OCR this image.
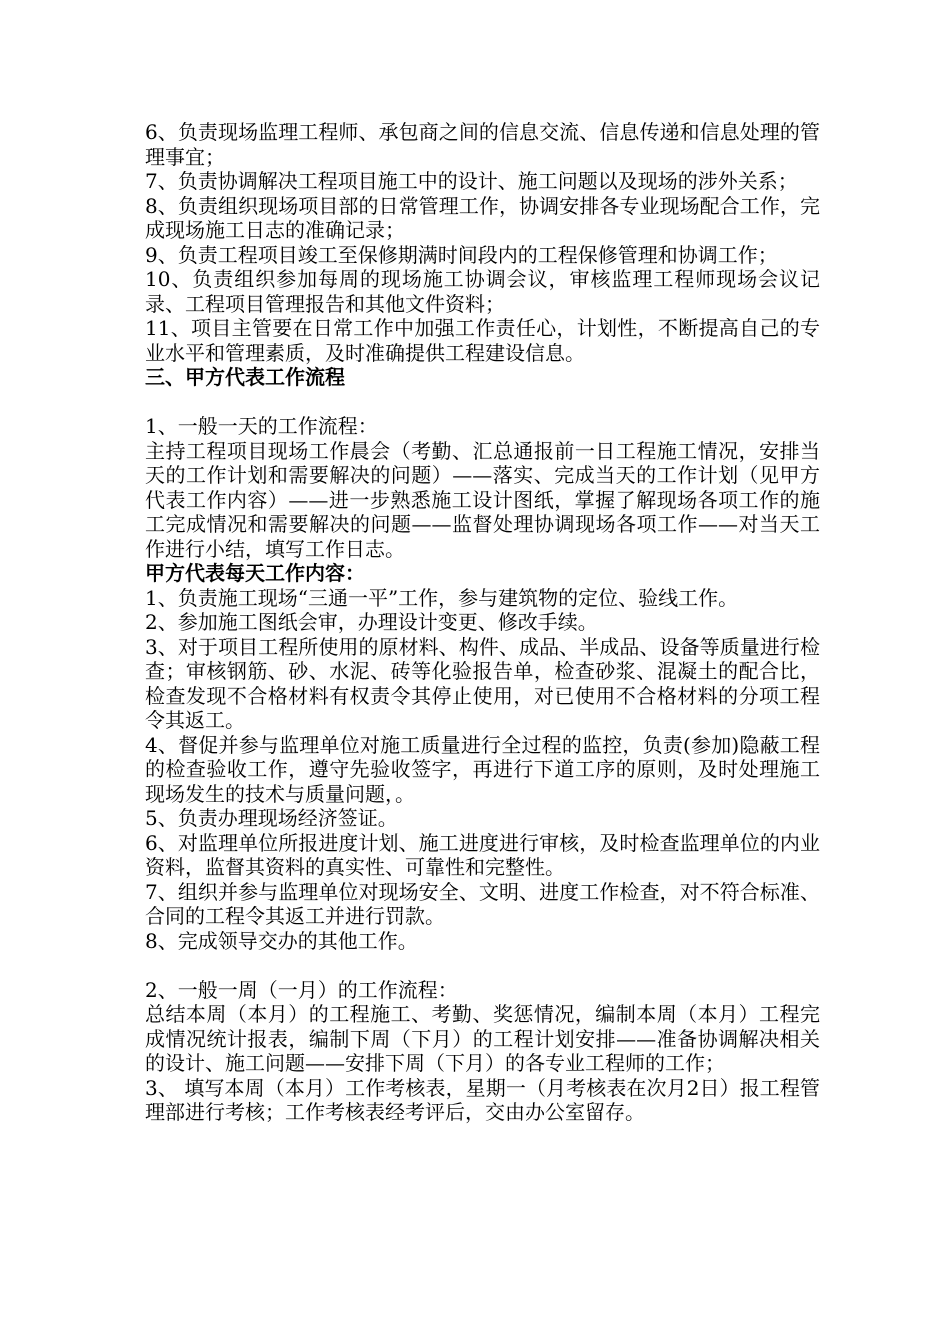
6、负责现场监理工程师、承包商之间的信息交流、信息传递和信息处理的管理事宜；

7、负责协调解决工程项目施工中的设计、施工问题以及现场的涉外关系；

8、负责组织现场项目部的日常管理工作，协调安排各专业现场配合工作，完成现场施工日志的准确记录；

9、负责工程项目竣工至保修期满时间段内的工程保修管理和协调工作；

10、负责组织参加每周的现场施工协调会议，审核监理工程师现场会议记录、工程项目管理报告和其他文件资料；

11、项目主管要在日常工作中加强工作责任心，计划性，不断提高自己的专业水平和管理素质，及时准确提供工程建设信息。

三、甲方代表工作流程

1、一般一天的工作流程：

主持工程项目现场工作晨会（考勤、汇总通报前一日工程施工情况，安排当天的工作计划和需要解决的问题）——落实、完成当天的工作计划（见甲方代表工作内容）——进一步熟悉施工设计图纸，掌握了解现场各项工作的施工完成情况和需要解决的问题——监督处理协调现场各项工作——对当天工作进行小结，填写工作日志。

甲方代表每天工作内容：

1、负责施工现场“三通一平”工作，参与建筑物的定位、验线工作。

2、参加施工图纸会审，办理设计变更、修改手续。

3、对于项目工程所使用的原材料、构件、成品、半成品、设备等质量进行检查；审核钢筋、砂、水泥、砖等化验报告单，检查砂浆、混凝土的配合比，检查发现不合格材料有权责令其停止使用，对已使用不合格材料的分项工程令其返工。

4、督促并参与监理单位对施工质量进行全过程的监控，负责(参加)隐蔽工程的检查验收工作，遵守先验收签字，再进行下道工序的原则，及时处理施工现场发生的技术与质量问题，。

5、负责办理现场经济签证。

6、对监理单位所报进度计划、施工进度进行审核，及时检查监理单位的内业资料，监督其资料的真实性、可靠性和完整性。

7、组织并参与监理单位对现场安全、文明、进度工作检查，对不符合标准、合同的工程令其返工并进行罚款。

8、完成领导交办的其他工作。

2、一般一周（一月）的工作流程：

总结本周（本月）的工程施工、考勤、奖惩情况，编制本周（本月）工程完成情况统计报表，编制下周（下月）的工程计划安排——准备协调解决相关的设计、施工问题——安排下周（下月）的各专业工程师的工作；

3、 填写本周（本月）工作考核表，星期一（月考核表在次月2日）报工程管理部进行考核；工作考核表经考评后，交由办公室留存。
